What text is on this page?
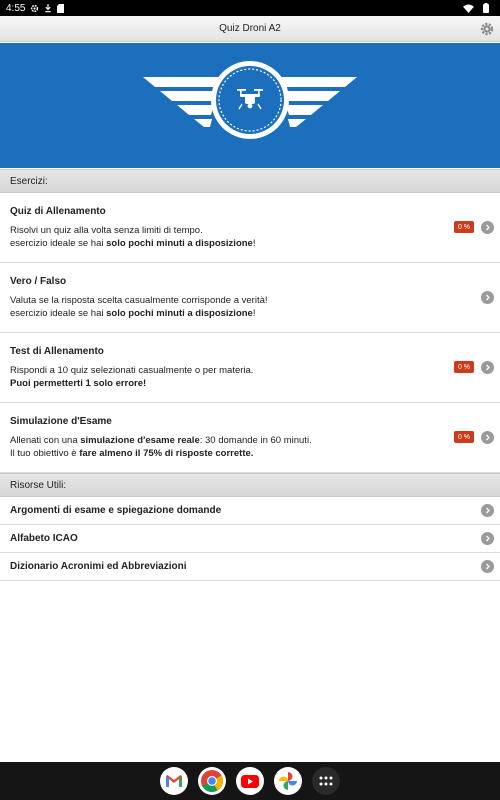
4:55
Quiz Droni A2
Esercizi:
Quiz di Allenamento
Risolvi un quiz alla volta senza limiti di tempo.
esercizio ideale se hai solo pochi minuti a disposizione!
0 %
Vero / Falso
Valuta se la risposta scelta casualmente corrisponde a verità!
esercizio ideale se hai solo pochi minuti a disposizione!
Test di Allenamento
Rispondi a 10 quiz selezionati casualmente o per materia.
Puoi permetterti 1 solo errore!
0 %
Simulazione d'Esame
Allenati con una simulazione d'esame reale: 30 domande in 60 minuti.
Il tuo obiettivo è fare almeno il 75% di risposte corrette.
0 %
Risorse Utili:
Argomenti di esame e spiegazione domande
Alfabeto ICAO
Dizionario Acronimi ed Abbreviazioni
